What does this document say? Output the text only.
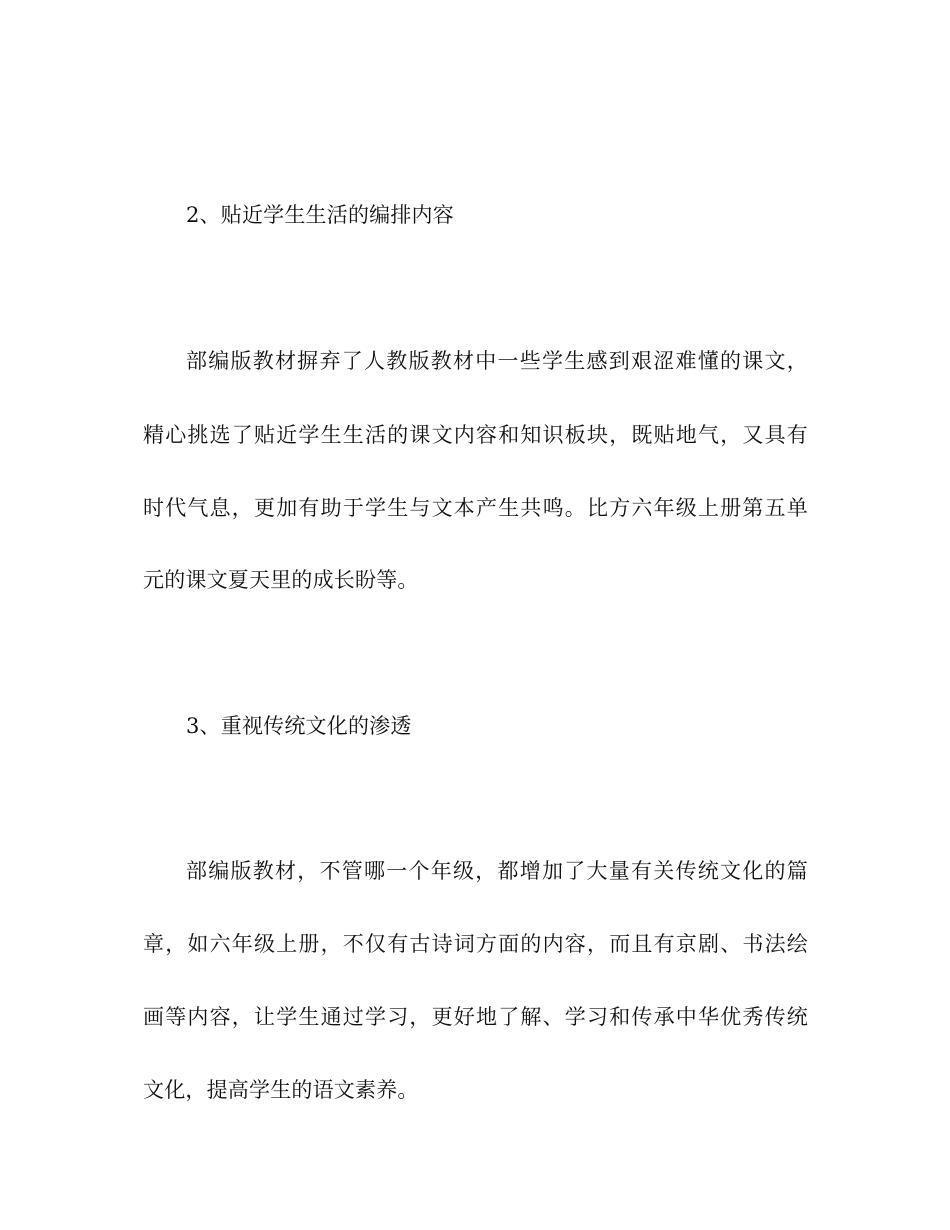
2、贴近学生生活的编排内容
部编版教材摒弃了人教版教材中一些学生感到艰涩难懂的课文，
精心挑选了贴近学生生活的课文内容和知识板块，既贴地气，又具有
时代气息，更加有助于学生与文本产生共鸣。比方六年级上册第五单
元的课文夏天里的成长盼等。
3、重视传统文化的渗透
部编版教材，不管哪一个年级，都增加了大量有关传统文化的篇
章，如六年级上册，不仅有古诗词方面的内容，而且有京剧、书法绘
画等内容，让学生通过学习，更好地了解、学习和传承中华优秀传统
文化，提高学生的语文素养。
